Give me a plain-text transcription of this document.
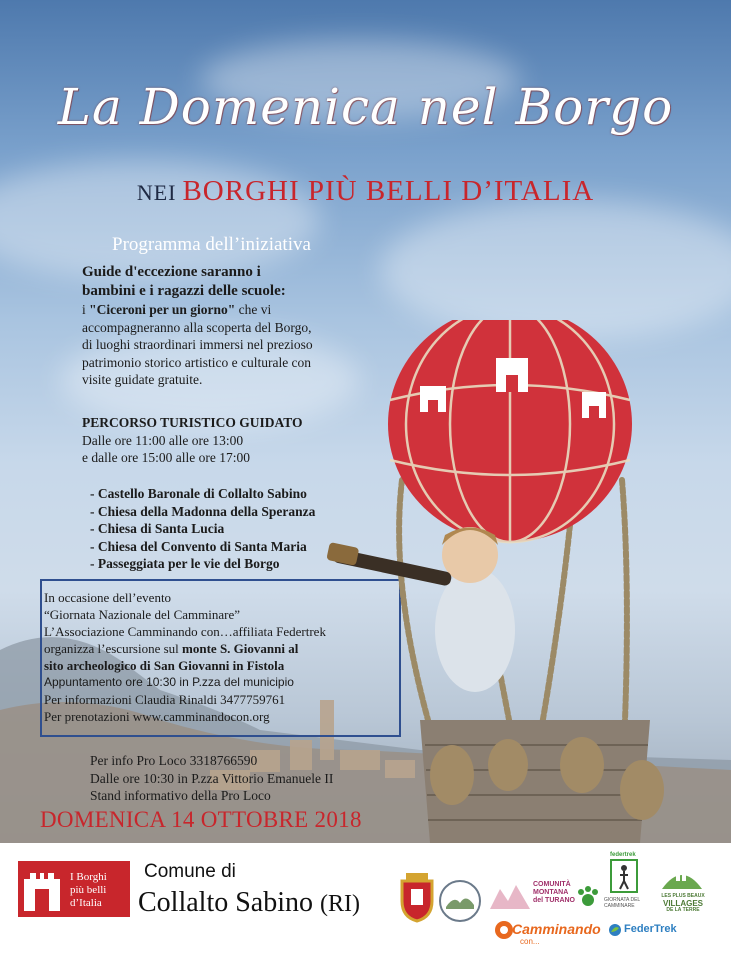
La Domenica nel Borgo
NEI BORGHI PIÙ BELLI D’ITALIA
Programma dell’iniziativa
Guide d'eccezione saranno i
bambini e i ragazzi delle scuole:
i "Ciceroni per un giorno" che vi
accompagneranno alla scoperta del Borgo,
di luoghi straordinari immersi nel prezioso
patrimonio storico artistico e culturale con
visite guidate gratuite.
PERCORSO TURISTICO GUIDATO
Dalle ore 11:00 alle ore 13:00
e dalle ore 15:00 alle ore 17:00
- Castello Baronale di Collalto Sabino
- Chiesa della Madonna della Speranza
- Chiesa di Santa Lucia
- Chiesa del Convento di Santa Maria
- Passeggiata per le vie del Borgo
In occasione dell’evento
“Giornata Nazionale del Camminare”
L’Associazione Camminando con…affiliata Federtrek
organizza l’escursione sul monte S. Giovanni al
sito archeologico di San Giovanni in Fistola
Appuntamento ore 10:30 in P.zza del municipio
Per informazioni Claudia Rinaldi 3477759761
Per prenotazioni www.camminandocon.org
Per info Pro Loco 3318766590
Dalle ore 10:30 in P.zza Vittorio Emanuele II
Stand informativo della Pro Loco
DOMENICA 14 OTTOBRE 2018
I Borghi
più belli
d’Italia
Comune di
Collalto Sabino (RI)
COMUNITÀ
MONTANA
del TURANO
federtrek
GIORNATA DEL CAMMINARE
LES PLUS BEAUX
VILLAGES
DE LA TERRE
Camminando
con...
FederTrek
